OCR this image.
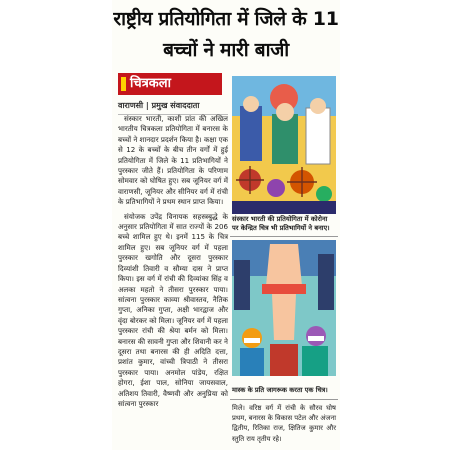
राष्ट्रीय प्रतियोगिता में जिले के 11 बच्चों ने मारी बाजी
चित्रकला
वाराणसी | प्रमुख संवाददाता

संस्कार भारती, काशी प्रांत की अखिल भारतीय चित्रकला प्रतियोगिता में बनारस के बच्चों ने शानदार प्रदर्शन किया है। कक्षा एक से 12 के बच्चों के बीच तीन वर्गों में हुई प्रतियोगिता में जिले के 11 प्रतिभागियों ने पुरस्कार जीते हैं। प्रतियोगिता के परिणाम सोमवार को घोषित हुए। सब जूनियर वर्ग में वाराणसी, जूनियर और सीनियर वर्ग में रांची के प्रतिभागियों ने प्रथम स्थान प्राप्त किया।

संयोजक उपेंद्र विनायक सहस्त्रबुद्धे के अनुसार प्रतियोगिता में सात राज्यों के 206 बच्चे शामिल हुए थे। इनमें 115 के चित्र शामिल हुए। सब जूनियर वर्ग में पहला पुरस्कार खगोति और दूसरा पुरस्कार दिव्यांशी तिवारी व सौम्या दास ने प्राप्त किया। इस वर्ग में रांची की दिव्यांका सिंह व अलका महतो ने तीसरा पुरस्कार पाया। सांत्वना पुरस्कार काव्या श्रीवास्तव, नैतिक गुप्ता, अनिका गुप्ता, अक्षी भारद्वाज और वृंदा बोरकर को मिला। जूनियर वर्ग में पहला पुरस्कार रांची की श्रेया बर्मन को मिला। बनारस की सावनी गुप्ता और शिवानी कर ने दूसरा तथा बनारस की ही अदिति दत्ता, प्रशांत कुमार, वांच्ची त्रिपाठी ने तीसरा पुरस्कार पाया। अनमोल पांडेय, रक्षित होगरा, ईशा पाल, सोनिया जायसवाल, अतिशय तिवारी, वैष्णवी और अनुप्रिया को सांत्वना पुरस्कार

संस्कार भारती की प्रतियोगिता में कोरोना पर केन्द्रित चित्र भी प्रतिभागियों ने बनाए।
मास्क के प्रति जागरूक करता एक चित्र।
मिले। वरिष्ठ वर्ग में रांची के सौरव घोष प्रथम, बनारस के विकास पटेल और अंजना द्वितीय, रितिका राज, क्षितिज कुमार और स्तुति राय तृतीय रहे।
